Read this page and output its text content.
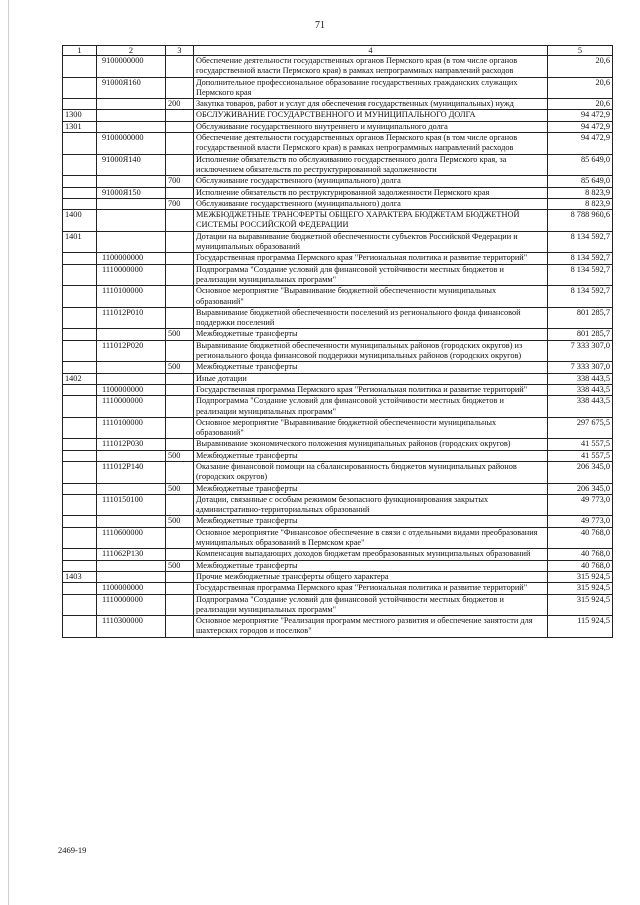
71
1	2	3	4	5
	9100000000		Обеспечение деятельности государственных органов Пермского края (в том числе органов государственной власти Пермского края) в рамках непрограммных направлений расходов	20,6
	91000Я160		Дополнительное профессиональное образование государственных гражданских служащих Пермского края	20,6
		200	Закупка товаров, работ и услуг для обеспечения государственных (муниципальных) нужд	20,6
1300			ОБСЛУЖИВАНИЕ ГОСУДАРСТВЕННОГО И МУНИЦИПАЛЬНОГО ДОЛГА	94 472,9
1301			Обслуживание государственного внутреннего и муниципального долга	94 472,9
	9100000000		Обеспечение деятельности государственных органов Пермского края (в том числе органов государственной власти Пермского края) в рамках непрограммных направлений расходов	94 472,9
	91000Я140		Исполнение обязательств по обслуживанию государственного долга Пермского края, за исключением обязательств по реструктурированной задолженности	85 649,0
		700	Обслуживание государственного (муниципального) долга	85 649,0
	91000Я150		Исполнение обязательств по реструктурированной задолженности Пермского края	8 823,9
		700	Обслуживание государственного (муниципального) долга	8 823,9
1400			МЕЖБЮДЖЕТНЫЕ ТРАНСФЕРТЫ ОБЩЕГО ХАРАКТЕРА БЮДЖЕТАМ БЮДЖЕТНОЙ СИСТЕМЫ РОССИЙСКОЙ ФЕДЕРАЦИИ	8 788 960,6
1401			Дотации на выравнивание бюджетной обеспеченности субъектов Российской Федерации и муниципальных образований	8 134 592,7
	1100000000		Государственная программа Пермского края "Региональная политика и развитие территорий"	8 134 592,7
	1110000000		Подпрограмма "Создание условий для финансовой устойчивости местных бюджетов и реализации муниципальных программ"	8 134 592,7
	1110100000		Основное мероприятие "Выравнивание бюджетной обеспеченности муниципальных образований"	8 134 592,7
	111012Р010		Выравнивание бюджетной обеспеченности поселений из регионального фонда финансовой поддержки поселений	801 285,7
		500	Межбюджетные трансферты	801 285,7
	111012Р020		Выравнивание бюджетной обеспеченности муниципальных районов (городских округов) из регионального фонда финансовой поддержки муниципальных районов (городских округов)	7 333 307,0
		500	Межбюджетные трансферты	7 333 307,0
1402			Иные дотации	338 443,5
	1100000000		Государственная программа Пермского края "Региональная политика и развитие территорий"	338 443,5
	1110000000		Подпрограмма "Создание условий для финансовой устойчивости местных бюджетов и реализации муниципальных программ"	338 443,5
	1110100000		Основное мероприятие "Выравнивание бюджетной обеспеченности муниципальных образований"	297 675,5
	111012Р030		Выравнивание экономического положения муниципальных районов (городских округов)	41 557,5
		500	Межбюджетные трансферты	41 557,5
	111012Р140		Оказание финансовой помощи на сбалансированность бюджетов муниципальных районов (городских округов)	206 345,0
		500	Межбюджетные трансферты	206 345,0
	1110150100		Дотации, связанные с особым режимом безопасного функционирования закрытых административно-территориальных образований	49 773,0
		500	Межбюджетные трансферты	49 773,0
	1110600000		Основное мероприятие "Финансовое обеспечение в связи с отдельными видами преобразования муниципальных образований в Пермском крае"	40 768,0
	111062Р130		Компенсация выпадающих доходов бюджетам преобразованных муниципальных образований	40 768,0
		500	Межбюджетные трансферты	40 768,0
1403			Прочие межбюджетные трансферты общего характера	315 924,5
	1100000000		Государственная программа Пермского края "Региональная политика и развитие территорий"	315 924,5
	1110000000		Подпрограмма "Создание условий для финансовой устойчивости местных бюджетов и реализации муниципальных программ"	315 924,5
	1110300000		Основное мероприятие "Реализация программ местного развития и обеспечение занятости для шахтерских городов и поселков"	115 924,5
2469-19
